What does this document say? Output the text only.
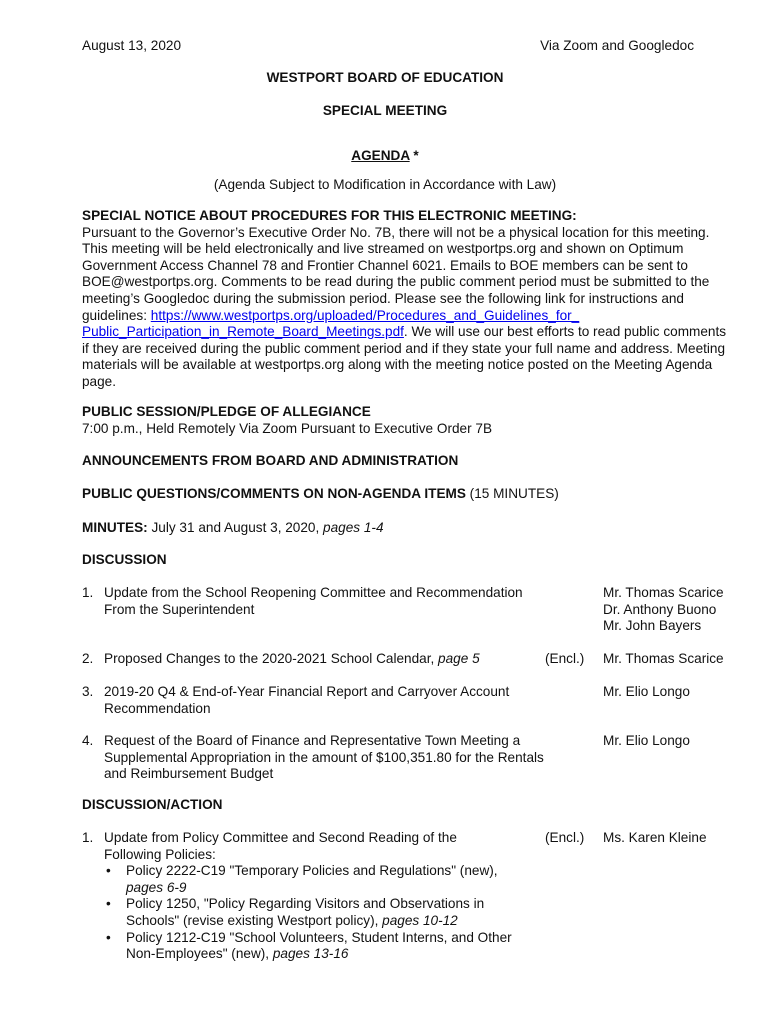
August 13, 2020	Via Zoom and Googledoc
WESTPORT BOARD OF EDUCATION
SPECIAL MEETING
AGENDA *
(Agenda Subject to Modification in Accordance with Law)
SPECIAL NOTICE ABOUT PROCEDURES FOR THIS ELECTRONIC MEETING:
Pursuant to the Governor’s Executive Order No. 7B, there will not be a physical location for this meeting. This meeting will be held electronically and live streamed on westportps.org and shown on Optimum Government Access Channel 78 and Frontier Channel 6021. Emails to BOE members can be sent to BOE@westportps.org. Comments to be read during the public comment period must be submitted to the meeting’s Googledoc during the submission period. Please see the following link for instructions and guidelines: https://www.westportps.org/uploaded/Procedures_and_Guidelines_for_ Public_Participation_in_Remote_Board_Meetings.pdf. We will use our best efforts to read public comments if they are received during the public comment period and if they state your full name and address. Meeting materials will be available at westportps.org along with the meeting notice posted on the Meeting Agenda page.
PUBLIC SESSION/PLEDGE OF ALLEGIANCE
7:00 p.m., Held Remotely Via Zoom Pursuant to Executive Order 7B
ANNOUNCEMENTS FROM BOARD AND ADMINISTRATION
PUBLIC QUESTIONS/COMMENTS ON NON-AGENDA ITEMS (15 MINUTES)
MINUTES: July 31 and August 3, 2020, pages 1-4
DISCUSSION
1. Update from the School Reopening Committee and Recommendation From the Superintendent
Mr. Thomas Scarice
Dr. Anthony Buono
Mr. John Bayers
2. Proposed Changes to the 2020-2021 School Calendar, page 5	(Encl.) Mr. Thomas Scarice
3. 2019-20 Q4 & End-of-Year Financial Report and Carryover Account Recommendation
Mr. Elio Longo
4. Request of the Board of Finance and Representative Town Meeting a Supplemental Appropriation in the amount of $100,351.80 for the Rentals and Reimbursement Budget
Mr. Elio Longo
DISCUSSION/ACTION
1. Update from Policy Committee and Second Reading of the Following Policies:
• Policy 2222-C19 "Temporary Policies and Regulations" (new), pages 6-9
• Policy 1250, "Policy Regarding Visitors and Observations in Schools" (revise existing Westport policy), pages 10-12
• Policy 1212-C19 "School Volunteers, Student Interns, and Other Non-Employees" (new), pages 13-16
(Encl.) Ms. Karen Kleine
